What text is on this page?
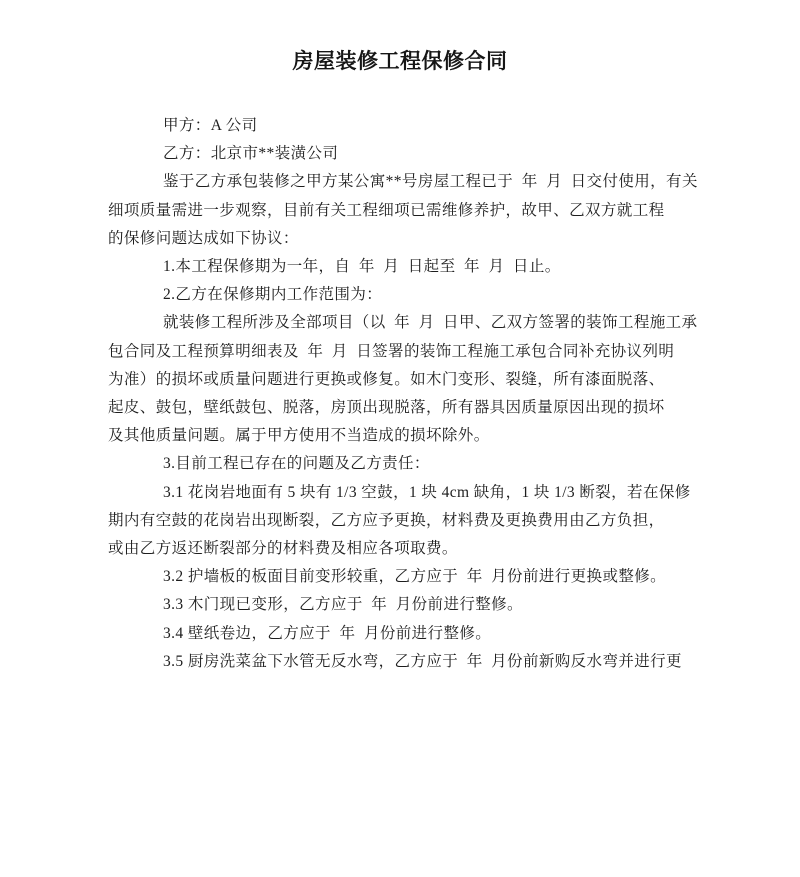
房屋装修工程保修合同
甲方：A 公司
乙方：北京市**装潢公司
鉴于乙方承包装修之甲方某公寓**号房屋工程已于  年  月  日交付使用，有关
细项质量需进一步观察，目前有关工程细项已需维修养护，故甲、乙双方就工程
的保修问题达成如下协议：
1.本工程保修期为一年，自  年  月  日起至  年  月  日止。
2.乙方在保修期内工作范围为：
就装修工程所涉及全部项目（以  年  月  日甲、乙双方签署的装饰工程施工承
包合同及工程预算明细表及  年  月  日签署的装饰工程施工承包合同补充协议列明
为准）的损坏或质量问题进行更换或修复。如木门变形、裂缝，所有漆面脱落、
起皮、鼓包，壁纸鼓包、脱落，房顶出现脱落，所有器具因质量原因出现的损坏
及其他质量问题。属于甲方使用不当造成的损坏除外。
3.目前工程已存在的问题及乙方责任：
3.1 花岗岩地面有 5 块有 1/3 空鼓，1 块 4cm 缺角，1 块 1/3 断裂，若在保修
期内有空鼓的花岗岩出现断裂，乙方应予更换，材料费及更换费用由乙方负担，
或由乙方返还断裂部分的材料费及相应各项取费。
3.2 护墙板的板面目前变形较重，乙方应于  年  月份前进行更换或整修。
3.3 木门现已变形，乙方应于  年  月份前进行整修。
3.4 壁纸卷边，乙方应于  年  月份前进行整修。
3.5 厨房洗菜盆下水管无反水弯，乙方应于  年  月份前新购反水弯并进行更
